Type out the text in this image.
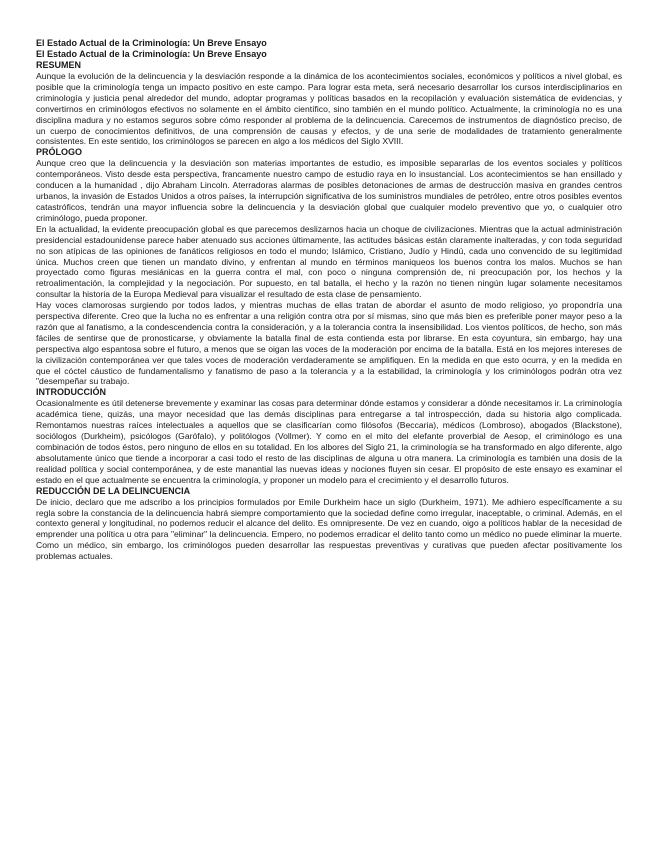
El Estado Actual de la Criminología: Un Breve Ensayo

El Estado Actual de la Criminología: Un Breve Ensayo

RESUMEN

Aunque la evolución de la delincuencia y la desviación responde a la dinámica de los acontecimientos sociales, económicos y políticos a nivel global, es posible que la criminología tenga un impacto positivo en este campo. Para lograr esta meta, será necesario desarrollar los cursos interdisciplinarios en criminología y justicia penal alrededor del mundo, adoptar programas y políticas basados en la recopilación y evaluación sistemática de evidencias, y convertirnos en criminólogos efectivos no solamente en el ámbito científico, sino también en el mundo político. Actualmente, la criminología no es una disciplina madura y no estamos seguros sobre cómo responder al problema de la delincuencia. Carecemos de instrumentos de diagnóstico preciso, de un cuerpo de conocimientos definitivos, de una comprensión de causas y efectos, y de una serie de modalidades de tratamiento generalmente consistentes. En este sentido, los criminólogos se parecen en algo a los médicos del Siglo XVIII.

PRÓLOGO

Aunque creo que la delincuencia y la desviación son materias importantes de estudio, es imposible separarlas de los eventos sociales y políticos contemporáneos. Visto desde esta perspectiva, francamente nuestro campo de estudio raya en lo insustancial. Los acontecimientos se han ensillado y conducen a la humanidad , dijo Abraham Lincoln. Aterradoras alarmas de posibles detonaciones de armas de destrucción masiva en grandes centros urbanos, la invasión de Estados Unidos a otros países, la interrupción significativa de los suministros mundiales de petróleo, entre otros posibles eventos catastróficos, tendrán una mayor influencia sobre la delincuencia y la desviación global que cualquier modelo preventivo que yo, o cualquier otro criminólogo, pueda proponer.

En la actualidad, la evidente preocupación global es que parecemos deslizarnos hacia un choque de civilizaciones. Mientras que la actual administración presidencial estadounidense parece haber atenuado sus acciones últimamente, las actitudes básicas están claramente inalteradas, y con toda seguridad no son atípicas de las opiniones de fanáticos religiosos en todo el mundo; Islámico, Cristiano, Judío y Hindú, cada uno convencido de su legitimidad única. Muchos creen que tienen un mandato divino, y enfrentan al mundo en términos maniqueos los buenos contra los malos. Muchos se han proyectado como figuras mesiánicas en la guerra contra el mal, con poco o ninguna comprensión de, ni preocupación por, los hechos y la retroalimentación, la complejidad y la negociación. Por supuesto, en tal batalla, el hecho y la razón no tienen ningún lugar solamente necesitamos consultar la historia de la Europa Medieval para visualizar el resultado de esta clase de pensamiento.

Hay voces clamorosas surgiendo por todos lados, y mientras muchas de ellas tratan de abordar el asunto de modo religioso, yo propondría una perspectiva diferente. Creo que la lucha no es enfrentar a una religión contra otra por sí mismas, sino que más bien es preferible poner mayor peso a la razón que al fanatismo, a la condescendencia contra la consideración, y a la tolerancia contra la insensibilidad. Los vientos políticos, de hecho, son más fáciles de sentirse que de pronosticarse, y obviamente la batalla final de esta contienda esta por librarse. En esta coyuntura, sin embargo, hay una perspectiva algo espantosa sobre el futuro, a menos que se oigan las voces de la moderación por encima de la batalla. Está en los mejores intereses de la civilización contemporánea ver que tales voces de moderación verdaderamente se amplifiquen. En la medida en que esto ocurra, y en la medida en que el cóctel cáustico de fundamentalismo y fanatismo de paso a la tolerancia y a la estabilidad, la criminología y los criminólogos podrán otra vez "desempeñar su trabajo.

INTRODUCCIÓN

Ocasionalmente es útil detenerse brevemente y examinar las cosas para determinar dónde estamos y considerar a dónde necesitamos ir. La criminología académica tiene, quizás, una mayor necesidad que las demás disciplinas para entregarse a tal introspección, dada su historia algo complicada. Remontamos nuestras raíces intelectuales a aquellos que se clasificarían como filósofos (Beccaria), médicos (Lombroso), abogados (Blackstone), sociólogos (Durkheim), psicólogos (Garófalo), y politólogos (Vollmer). Y como en el mito del elefante proverbial de Aesop, el criminólogo es una combinación de todos éstos, pero ninguno de ellos en su totalidad. En los albores del Siglo 21, la criminología se ha transformado en algo diferente, algo absolutamente único que tiende a incorporar a casi todo el resto de las disciplinas de alguna u otra manera. La criminología es también una dosis de la realidad política y social contemporánea, y de este manantial las nuevas ideas y nociones fluyen sin cesar. El propósito de este ensayo es examinar el estado en el que actualmente se encuentra la criminología, y proponer un modelo para el crecimiento y el desarrollo futuros.

REDUCCIÓN DE LA DELINCUENCIA

De inicio, declaro que me adscribo a los principios formulados por Emile Durkheim hace un siglo (Durkheim, 1971). Me adhiero específicamente a su regla sobre la constancia de la delincuencia habrá siempre comportamiento que la sociedad define como irregular, inaceptable, o criminal. Además, en el contexto general y longitudinal, no podemos reducir el alcance del delito. Es omnipresente. De vez en cuando, oigo a políticos hablar de la necesidad de emprender una política u otra para "eliminar" la delincuencia. Empero, no podemos erradicar el delito tanto como un médico no puede eliminar la muerte. Como un médico, sin embargo, los criminólogos pueden desarrollar las respuestas preventivas y curativas que pueden afectar positivamente los problemas actuales.
